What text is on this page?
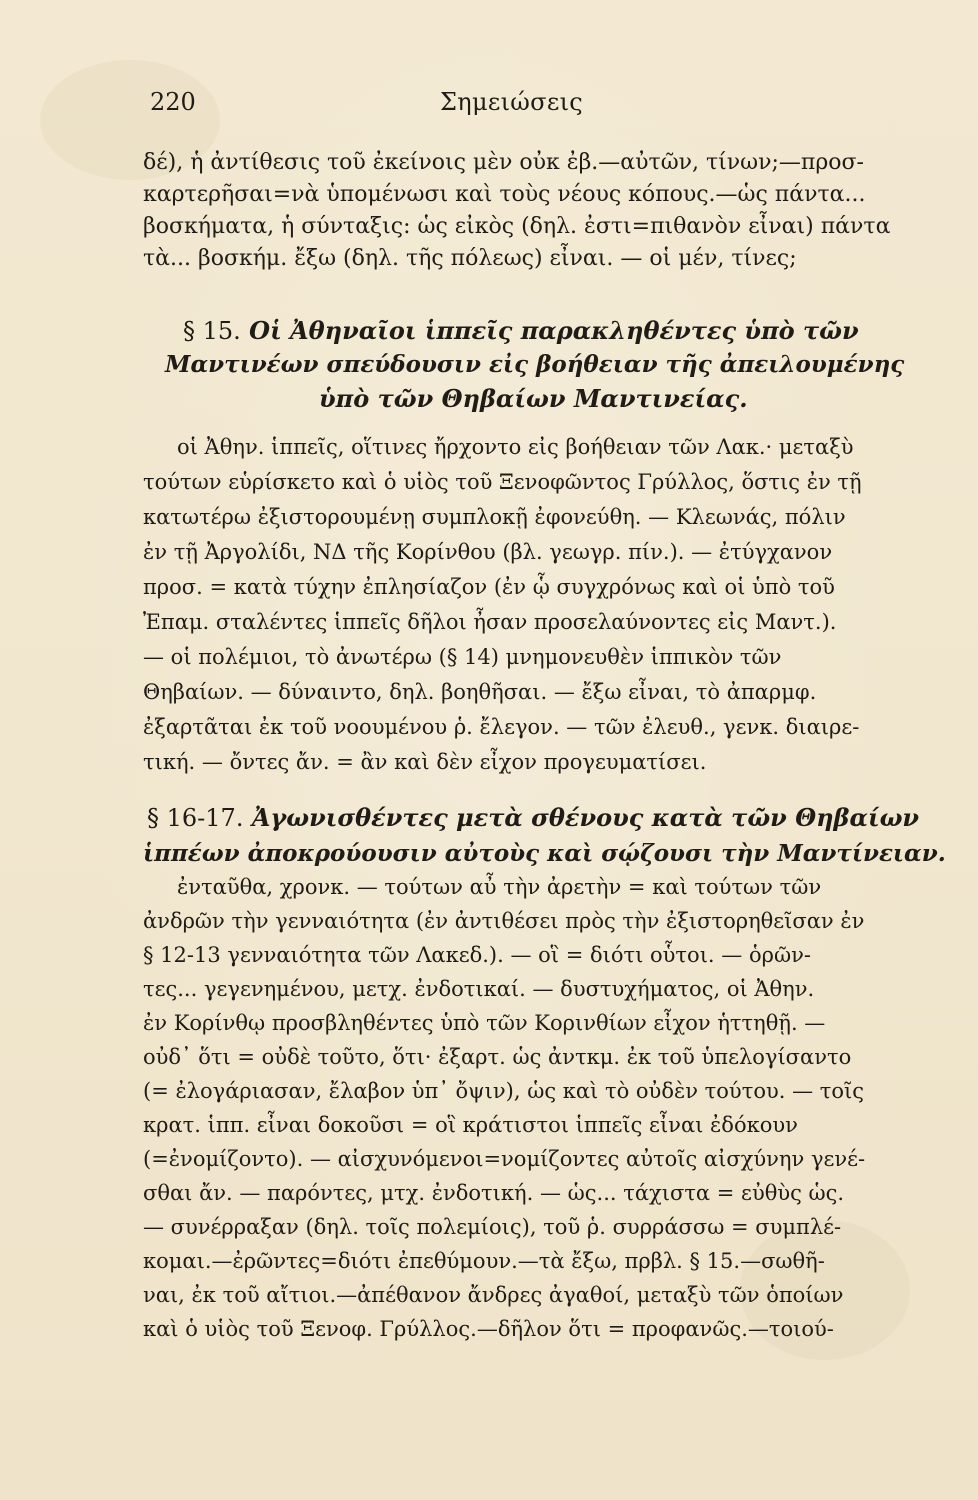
220	Σημειώσεις
δέ), ἡ ἀντίθεσις τοῦ ἐκείνοις μὲν οὐκ ἐβ.—αὐτῶν, τίνων;—προσ-
καρτερῆσαι=νὰ ὑπομένωσι καὶ τοὺς νέους κόπους.—ὡς πάντα...
βοσκήματα, ἡ σύνταξις: ὡς εἰκὸς (δηλ. ἐστι=πιθανὸν εἶναι) πάντα
τὰ... βοσκήμ. ἔξω (δηλ. τῆς πόλεως) εἶναι. — οἱ μέν, τίνες;
§ 15. Οἱ Ἀθηναῖοι ἱππεῖς παρακληθέντες ὑπὸ τῶν
Μαντινέων σπεύδουσιν εἰς βοήθειαν τῆς ἀπειλουμένης
ὑπὸ τῶν Θηβαίων Μαντινείας.
οἱ Ἀθην. ἱππεῖς, οἵτινες ἤρχοντο εἰς βοήθειαν τῶν Λακ.· μεταξὺ
τούτων εὑρίσκετο καὶ ὁ υἱὸς τοῦ Ξενοφῶντος Γρύλλος, ὅστις ἐν τῇ
κατωτέρω ἐξιστορουμένῃ συμπλοκῇ ἐφονεύθη. — Κλεωνάς, πόλιν
ἐν τῇ Ἀργολίδι, ΝΔ τῆς Κορίνθου (βλ. γεωγρ. πίν.). — ἐτύγχανον
προσ. = κατὰ τύχην ἐπλησίαζον (ἐν ᾧ συγχρόνως καὶ οἱ ὑπὸ τοῦ
Ἐπαμ. σταλέντες ἱππεῖς δῆλοι ἦσαν προσελαύνοντες εἰς Μαντ.).
— οἱ πολέμιοι, τὸ ἀνωτέρω (§ 14) μνημονευθὲν ἱππικὸν τῶν
Θηβαίων. — δύναιντο, δηλ. βοηθῆσαι. — ἔξω εἶναι, τὸ ἀπαρμφ.
ἐξαρτᾶται ἐκ τοῦ νοουμένου ῥ. ἔλεγον. — τῶν ἐλευθ., γενκ. διαιρε-
τική. — ὄντες ἄν. = ἂν καὶ δὲν εἶχον προγευματίσει.
§ 16-17. Ἀγωνισθέντες μετὰ σθένους κατὰ τῶν Θηβαίων
ἱππέων ἀποκρούουσιν αὐτοὺς καὶ σῴζουσι τὴν Μαντίνειαν.
ἐνταῦθα, χρονκ. — τούτων αὖ τὴν ἀρετὴν = καὶ τούτων τῶν
ἀνδρῶν τὴν γενναιότητα (ἐν ἀντιθέσει πρὸς τὴν ἐξιστορηθεῖσαν ἐν
§ 12-13 γενναιότητα τῶν Λακεδ.). — οἳ = διότι οὗτοι. — ὁρῶν-
τες... γεγενημένου, μετχ. ἐνδοτικαί. — δυστυχήματος, οἱ Ἀθην.
ἐν Κορίνθῳ προσβληθέντες ὑπὸ τῶν Κορινθίων εἶχον ἡττηθῇ. —
οὐδ᾽ ὅτι = οὐδὲ τοῦτο, ὅτι· ἐξαρτ. ὡς ἀντκμ. ἐκ τοῦ ὑπελογίσαντο
(= ἐλογάριασαν, ἔλαβον ὑπ᾽ ὄψιν), ὡς καὶ τὸ οὐδὲν τούτου. — τοῖς
κρατ. ἱππ. εἶναι δοκοῦσι = οἳ κράτιστοι ἱππεῖς εἶναι ἐδόκουν
(=ἐνομίζοντο). — αἰσχυνόμενοι=νομίζοντες αὐτοῖς αἰσχύνην γενέ-
σθαι ἄν. — παρόντες, μτχ. ἐνδοτική. — ὡς... τάχιστα = εὐθὺς ὡς.
— συνέρραξαν (δηλ. τοῖς πολεμίοις), τοῦ ῥ. συρράσσω = συμπλέ-
κομαι.—ἐρῶντες=διότι ἐπεθύμουν.—τὰ ἔξω, πρβλ. § 15.—σωθῆ-
ναι, ἐκ τοῦ αἴτιοι.—ἀπέθανον ἄνδρες ἀγαθοί, μεταξὺ τῶν ὁποίων
καὶ ὁ υἱὸς τοῦ Ξενοφ. Γρύλλος.—δῆλον ὅτι = προφανῶς.—τοιού-
